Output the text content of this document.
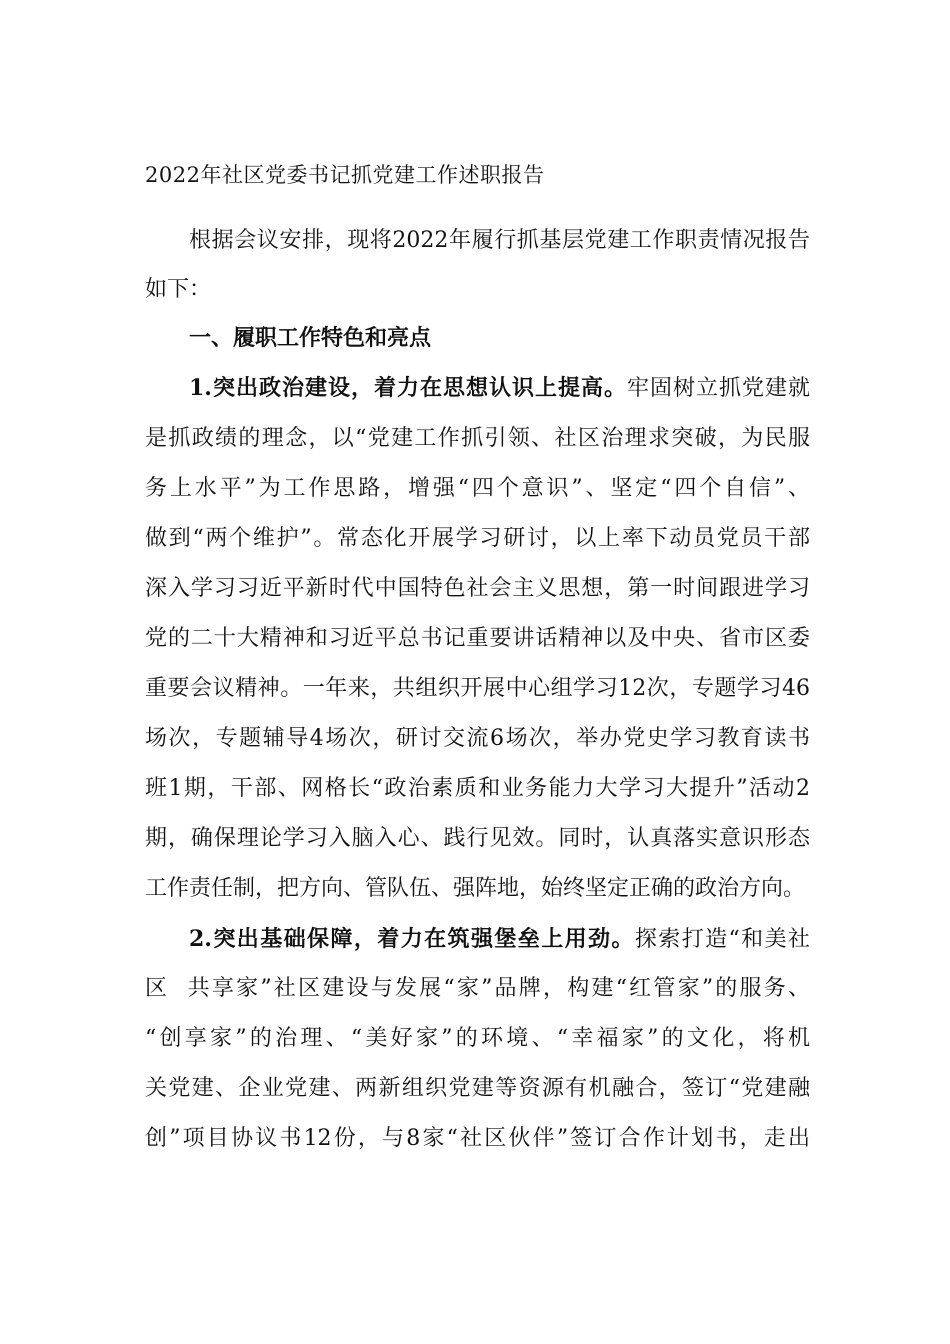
2022年社区党委书记抓党建工作述职报告
根据会议安排，现将2022年履行抓基层党建工作职责情况报告
如下：
一、履职工作特色和亮点
1.突出政治建设，着力在思想认识上提高。牢固树立抓党建就
是抓政绩的理念，以“党建工作抓引领、社区治理求突破，为民服
务上水平”为工作思路，增强“四个意识”、坚定“四个自信”、
做到“两个维护”。常态化开展学习研讨，以上率下动员党员干部
深入学习习近平新时代中国特色社会主义思想，第一时间跟进学习
党的二十大精神和习近平总书记重要讲话精神以及中央、省市区委
重要会议精神。一年来，共组织开展中心组学习12次，专题学习46
场次，专题辅导4场次，研讨交流6场次，举办党史学习教育读书
班1期，干部、网格长“政治素质和业务能力大学习大提升”活动2
期，确保理论学习入脑入心、践行见效。同时，认真落实意识形态
工作责任制，把方向、管队伍、强阵地，始终坚定正确的政治方向。
2.突出基础保障，着力在筑强堡垒上用劲。探索打造“和美社
区  共享家”社区建设与发展“家”品牌，构建“红管家”的服务、
“创享家”的治理、“美好家”的环境、“幸福家”的文化，将机
关党建、企业党建、两新组织党建等资源有机融合，签订“党建融
创”项目协议书12份，与8家“社区伙伴”签订合作计划书，走出
